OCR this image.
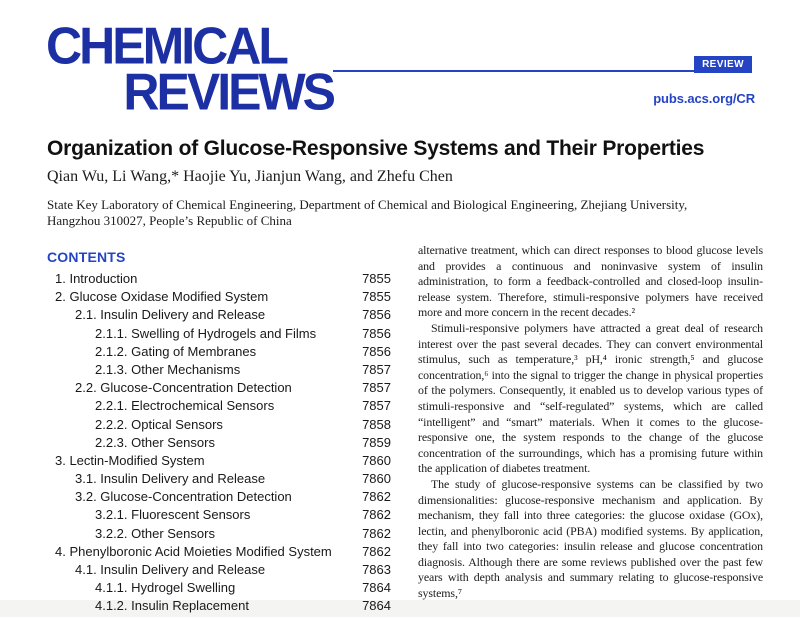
CHEMICAL
REVIEWS	REVIEW
pubs.acs.org/CR
Organization of Glucose-Responsive Systems and Their Properties
Qian Wu, Li Wang,* Haojie Yu, Jianjun Wang, and Zhefu Chen
State Key Laboratory of Chemical Engineering, Department of Chemical and Biological Engineering, Zhejiang University, Hangzhou 310027, People’s Republic of China
CONTENTS
1. Introduction	7855
2. Glucose Oxidase Modified System	7855
2.1. Insulin Delivery and Release	7856
2.1.1. Swelling of Hydrogels and Films	7856
2.1.2. Gating of Membranes	7856
2.1.3. Other Mechanisms	7857
2.2. Glucose-Concentration Detection	7857
2.2.1. Electrochemical Sensors	7857
2.2.2. Optical Sensors	7858
2.2.3. Other Sensors	7859
3. Lectin-Modified System	7860
3.1. Insulin Delivery and Release	7860
3.2. Glucose-Concentration Detection	7862
3.2.1. Fluorescent Sensors	7862
3.2.2. Other Sensors	7862
4. Phenylboronic Acid Moieties Modified System	7862
4.1. Insulin Delivery and Release	7863
4.1.1. Hydrogel Swelling	7864
4.1.2. Insulin Replacement	7864

alternative treatment, which can direct responses to blood glucose levels and provides a continuous and noninvasive system of insulin administration, to form a feedback-controlled and closed-loop insulin-release system. Therefore, stimuli-responsive polymers have received more and more concern in the recent decades.²

Stimuli-responsive polymers have attracted a great deal of research interest over the past several decades. They can convert environmental stimulus, such as temperature,³ pH,⁴ ironic strength,⁵ and glucose concentration,⁶ into the signal to trigger the change in physical properties of the polymers. Consequently, it enabled us to develop various types of stimuli-responsive and “self-regulated” systems, which are called “intelligent” and “smart” materials. When it comes to the glucose-responsive one, the system responds to the change of the glucose concentration of the surroundings, which has a promising future within the application of diabetes treatment.

The study of glucose-responsive systems can be classified by two dimensionalities: glucose-responsive mechanism and application. By mechanism, they fall into three categories: the glucose oxidase (GOx), lectin, and phenylboronic acid (PBA) modified systems. By application, they fall into two categories: insulin release and glucose concentration diagnosis. Although there are some reviews published over the past few years with depth analysis and summary relating to glucose-responsive systems,⁷
